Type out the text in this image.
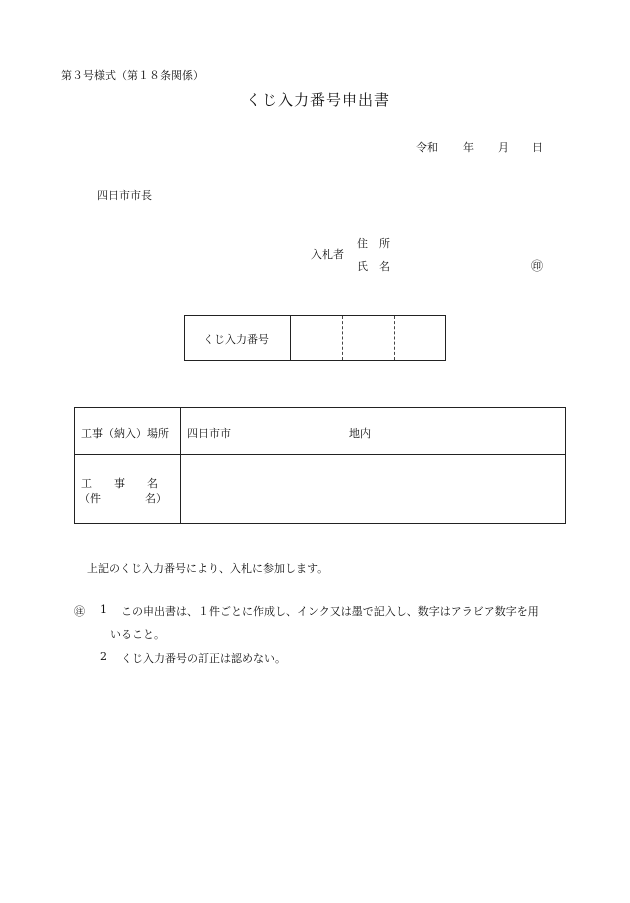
第３号様式（第１８条関係）
くじ入力番号申出書
令和 年 月 日
四日市市長
入札者
住　所
氏　名	㊞
くじ入力番号
工事（納入）場所 四日市市	地内
工　　事　　名
（件　　　　名）
上記のくじ入力番号により、入札に参加します。
㊟ 1 この申出書は、１件ごとに作成し、インク又は墨で記入し、数字はアラビア数字を用
いること。
2 くじ入力番号の訂正は認めない。
